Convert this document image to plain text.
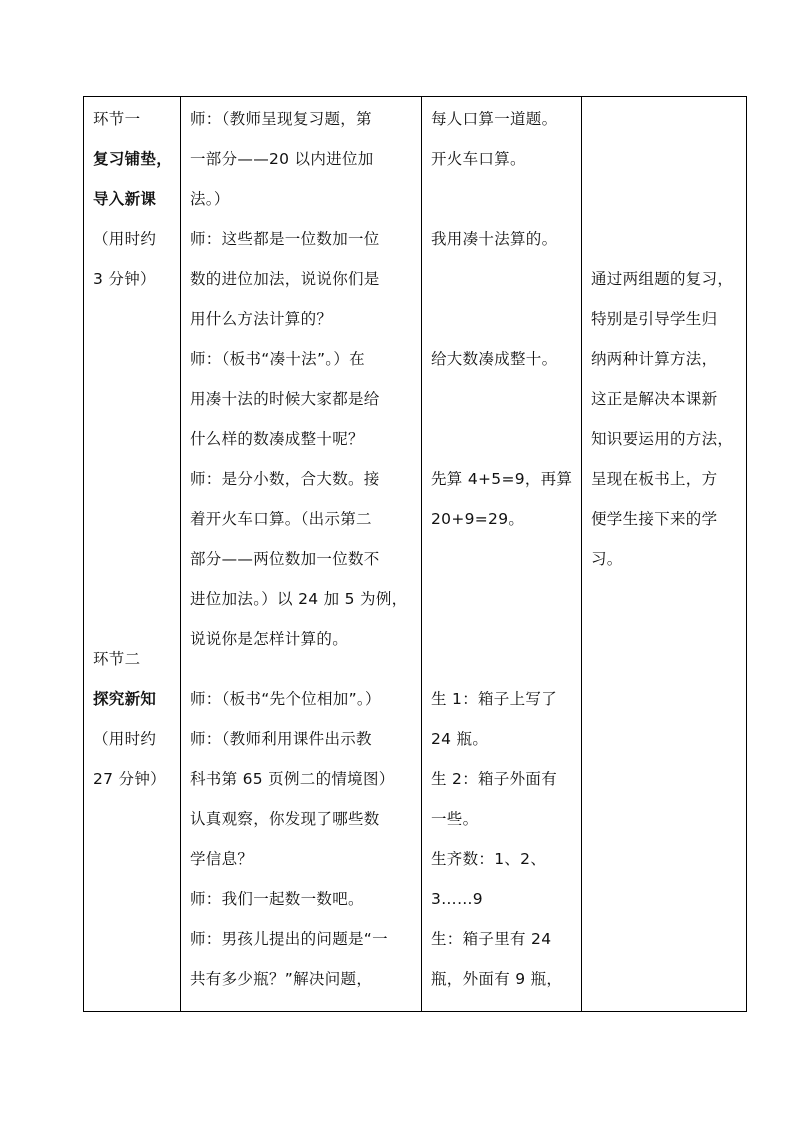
环节一
复习铺垫，
导入新课
（用时约
3 分钟）
环节二
探究新知
（用时约
27 分钟）
师：（教师呈现复习题，第
一部分——20 以内进位加
法。）
师：这些都是一位数加一位
数的进位加法，说说你们是
用什么方法计算的？
师：（板书“凑十法”。）在
用凑十法的时候大家都是给
什么样的数凑成整十呢？
师：是分小数，合大数。接
着开火车口算。（出示第二
部分——两位数加一位数不
进位加法。）以 24 加 5 为例，
说说你是怎样计算的。
师：（板书“先个位相加”。）
师：（教师利用课件出示教
科书第 65 页例二的情境图）
认真观察，你发现了哪些数
学信息？
师：我们一起数一数吧。
师：男孩儿提出的问题是“一
共有多少瓶？”解决问题，
每人口算一道题。
开火车口算。
我用凑十法算的。
给大数凑成整十。
先算 4+5=9，再算
20+9=29。
生 1：箱子上写了
24 瓶。
生 2：箱子外面有
一些。
生齐数：1、2、
3……9
生：箱子里有 24
瓶，外面有 9 瓶，
通过两组题的复习，
特别是引导学生归
纳两种计算方法，
这正是解决本课新
知识要运用的方法，
呈现在板书上，方
便学生接下来的学
习。
